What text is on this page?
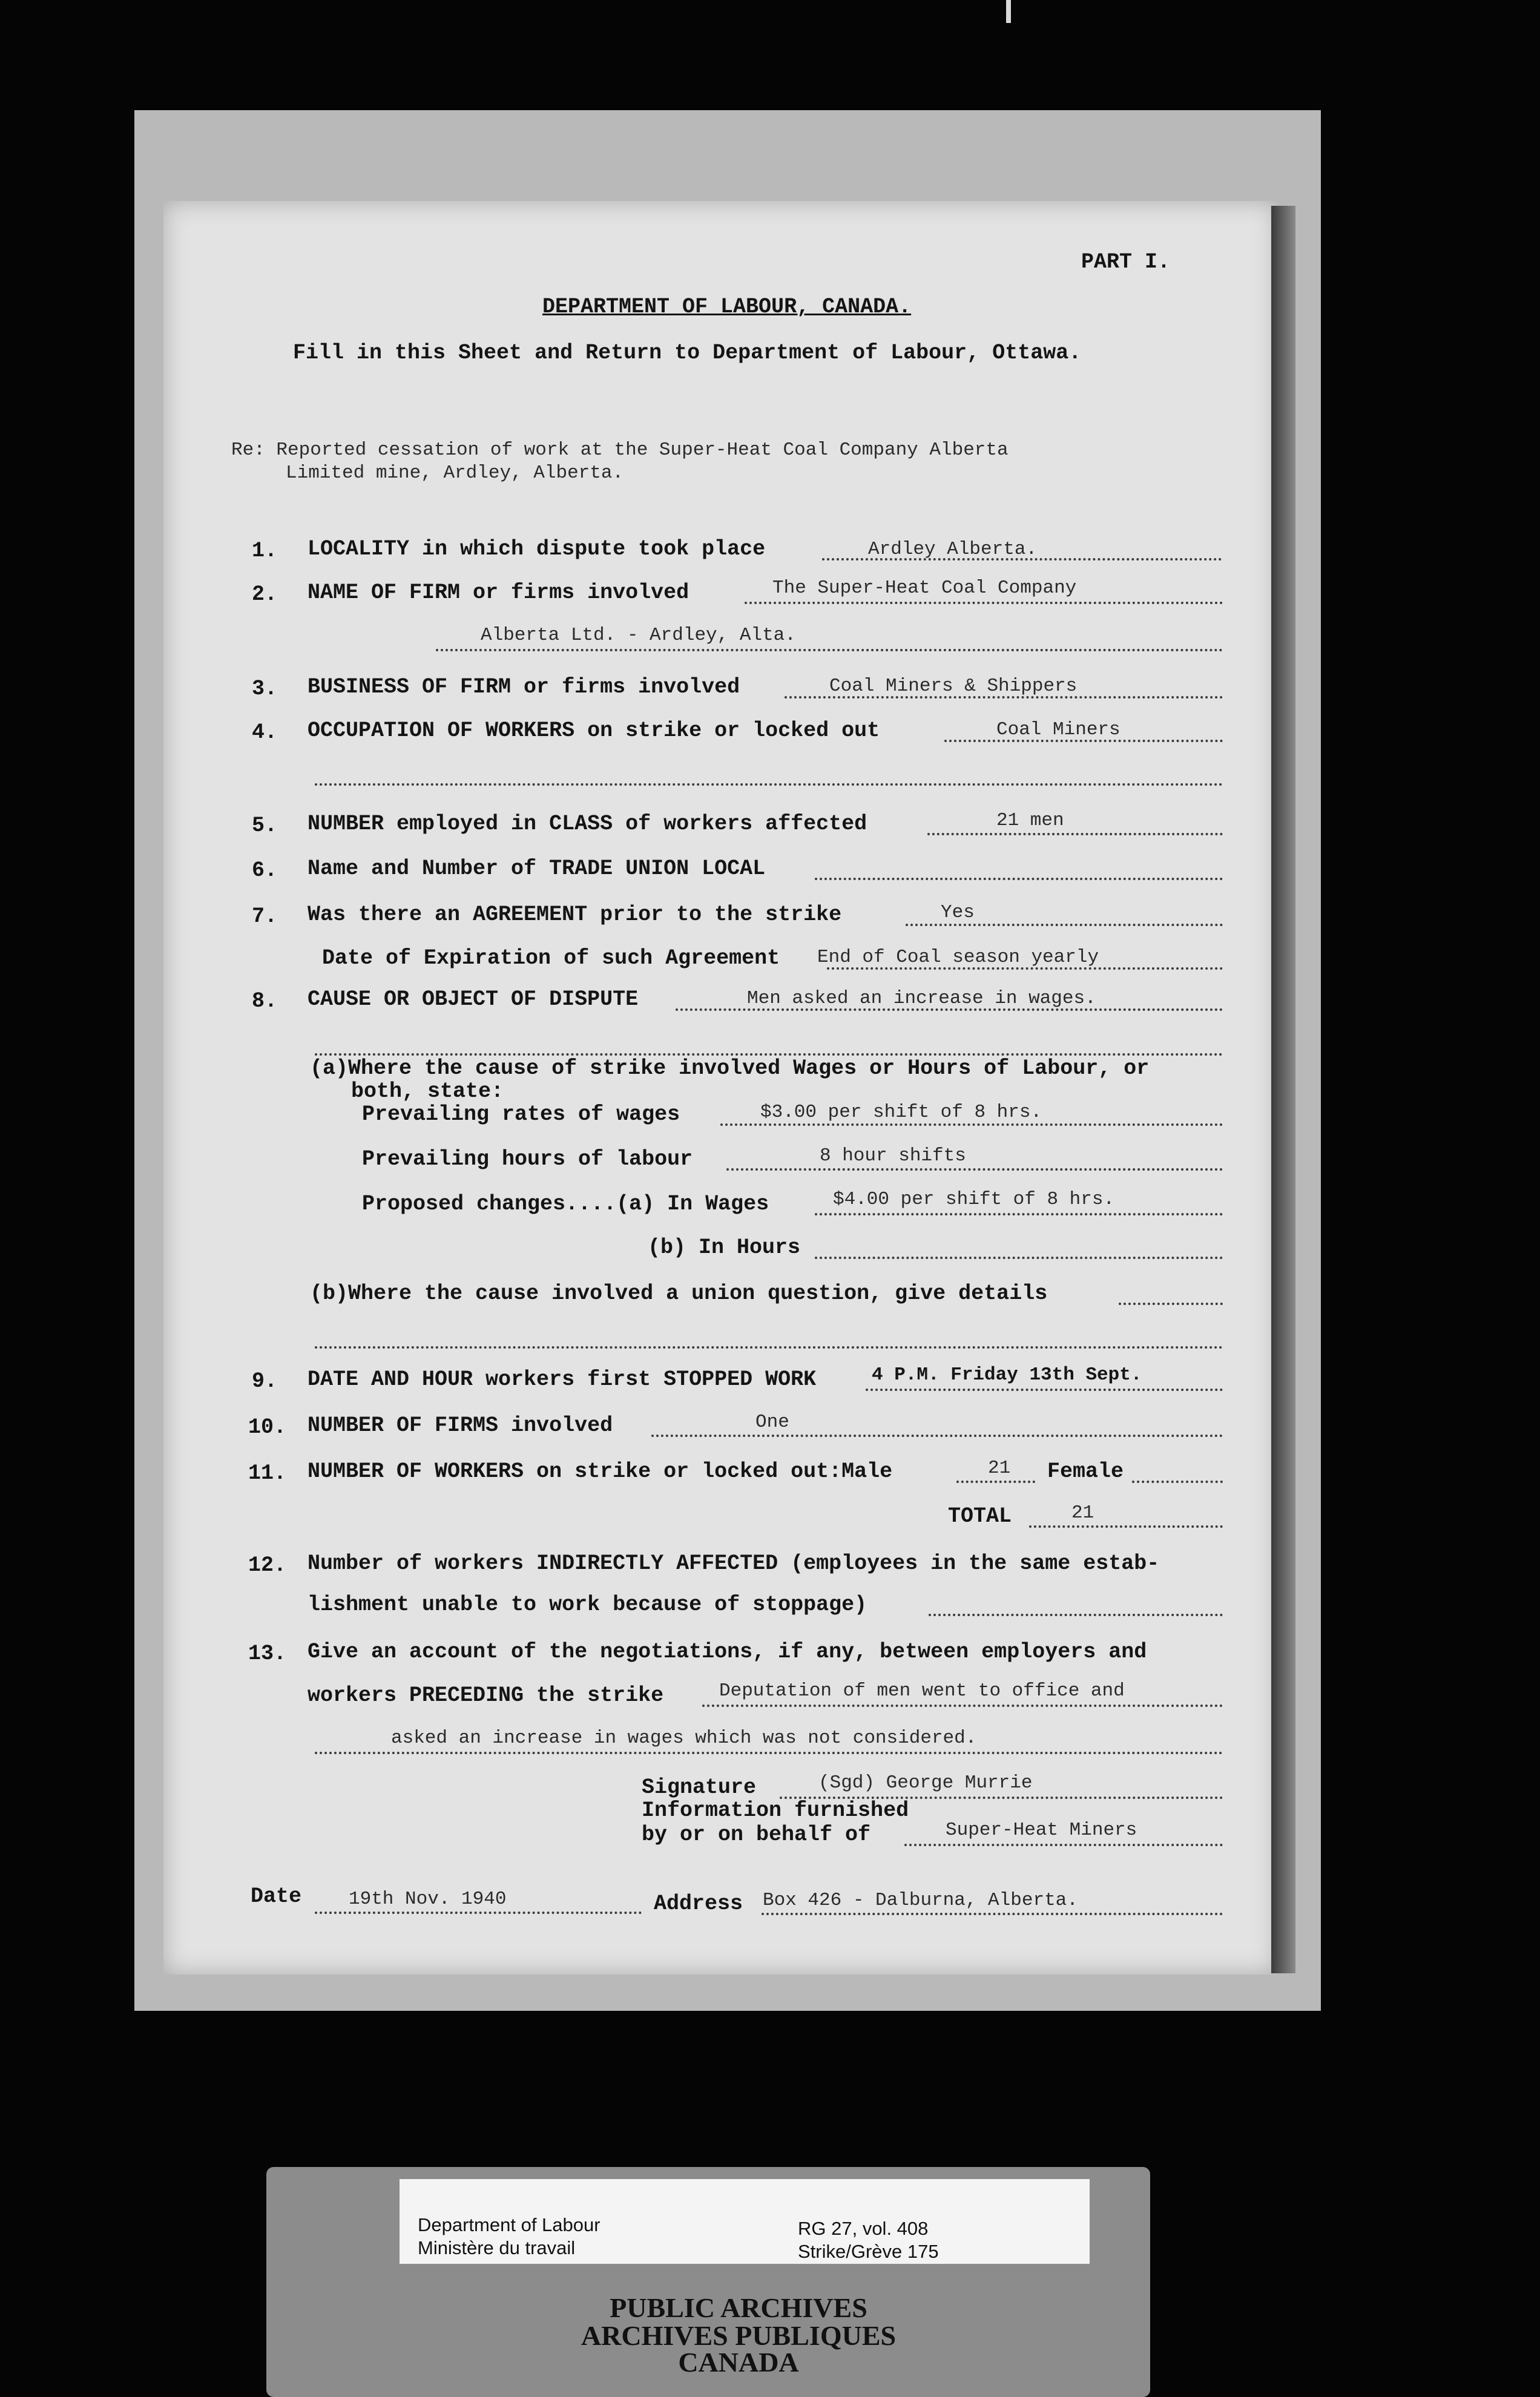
PART I.
DEPARTMENT OF LABOUR, CANADA.
Fill in this Sheet and Return to Department of Labour, Ottawa.
Re: Reported cessation of work at the Super-Heat Coal Company Alberta
Limited mine, Ardley, Alberta.
1. LOCALITY in which dispute took place	Ardley Alberta.
2. NAME OF FIRM or firms involved	The Super-Heat Coal Company
Alberta Ltd. - Ardley, Alta.
3. BUSINESS OF FIRM or firms involved	Coal Miners & Shippers
4. OCCUPATION OF WORKERS on strike or locked out	Coal Miners
5. NUMBER employed in CLASS of workers affected	21 men
6. Name and Number of TRADE UNION LOCAL
7. Was there an AGREEMENT prior to the strike	Yes
Date of Expiration of such Agreement End of Coal season yearly
8. CAUSE OR OBJECT OF DISPUTE	Men asked an increase in wages.
(a)Where the cause of strike involved Wages or Hours of Labour, or
both, state:
Prevailing rates of wages	$3.00 per shift of 8 hrs.
Prevailing hours of labour	8 hour shifts
Proposed changes....(a) In Wages	$4.00 per shift of 8 hrs.
(b) In Hours
(b)Where the cause involved a union question, give details
9. DATE AND HOUR workers first STOPPED WORK	4 P.M. Friday 13th Sept.
10. NUMBER OF FIRMS involved	One
11. NUMBER OF WORKERS on strike or locked out:Male	21 Female
TOTAL	21
12. Number of workers INDIRECTLY AFFECTED (employees in the same estab-
lishment unable to work because of stoppage)
13. Give an account of the negotiations, if any, between employers and
workers PRECEDING the strike	Deputation of men went to office and
asked an increase in wages which was not considered.
Signature	(Sgd) George Murrie
Information furnished
by or on behalf of	Super-Heat Miners
Date	19th Nov. 1940	Address Box 426 - Dalburna, Alberta.
Department of Labour
Ministère du travail
RG 27, vol. 408
Strike/Grève 175
PUBLIC ARCHIVES
ARCHIVES PUBLIQUES
CANADA
